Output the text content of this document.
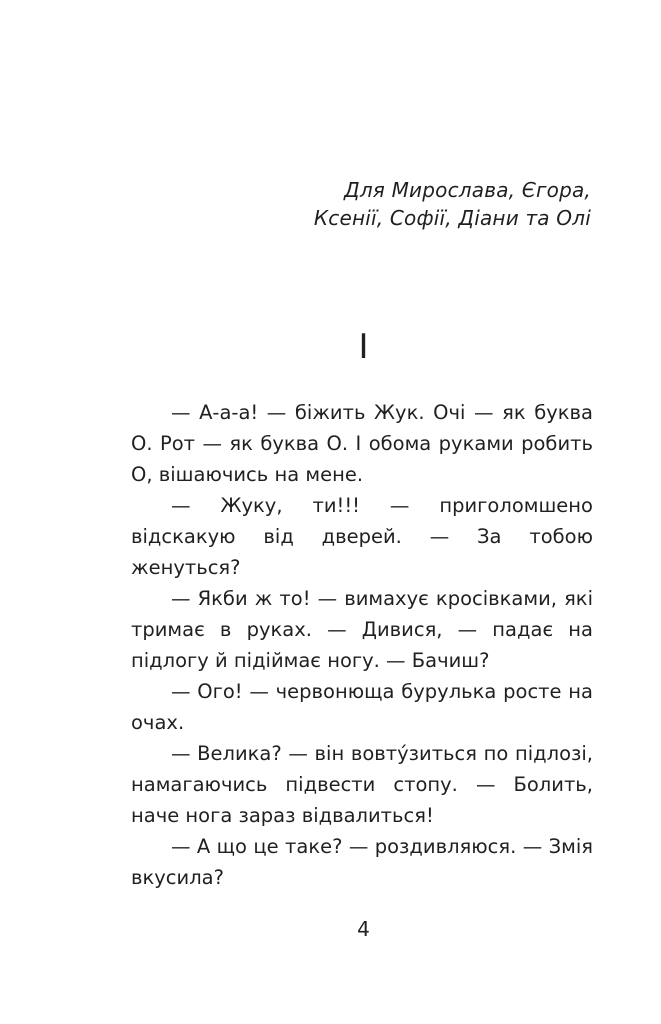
Для Мирослава, Єгора,
Ксенії, Софії, Діани та Олі
I

— А-а-а! — біжить Жук. Очі — як буква О. Рот — як буква О. І обома руками робить О, вішаючись на мене.

— Жуку, ти!!! — приголомшено відскакую від дверей. — За тобою женуться?

— Якби ж то! — вимахує кросівками, які тримає в руках. — Дивися, — падає на підлогу й підіймає ногу. — Бачиш?

— Ого! — червонюща бурулька росте на очах.

— Велика? — він вовту́зиться по підлозі, намагаючись підвести стопу. — Болить, наче нога зараз відвалиться!

— А що це таке? — роздивляюся. — Змія вкусила?

4
